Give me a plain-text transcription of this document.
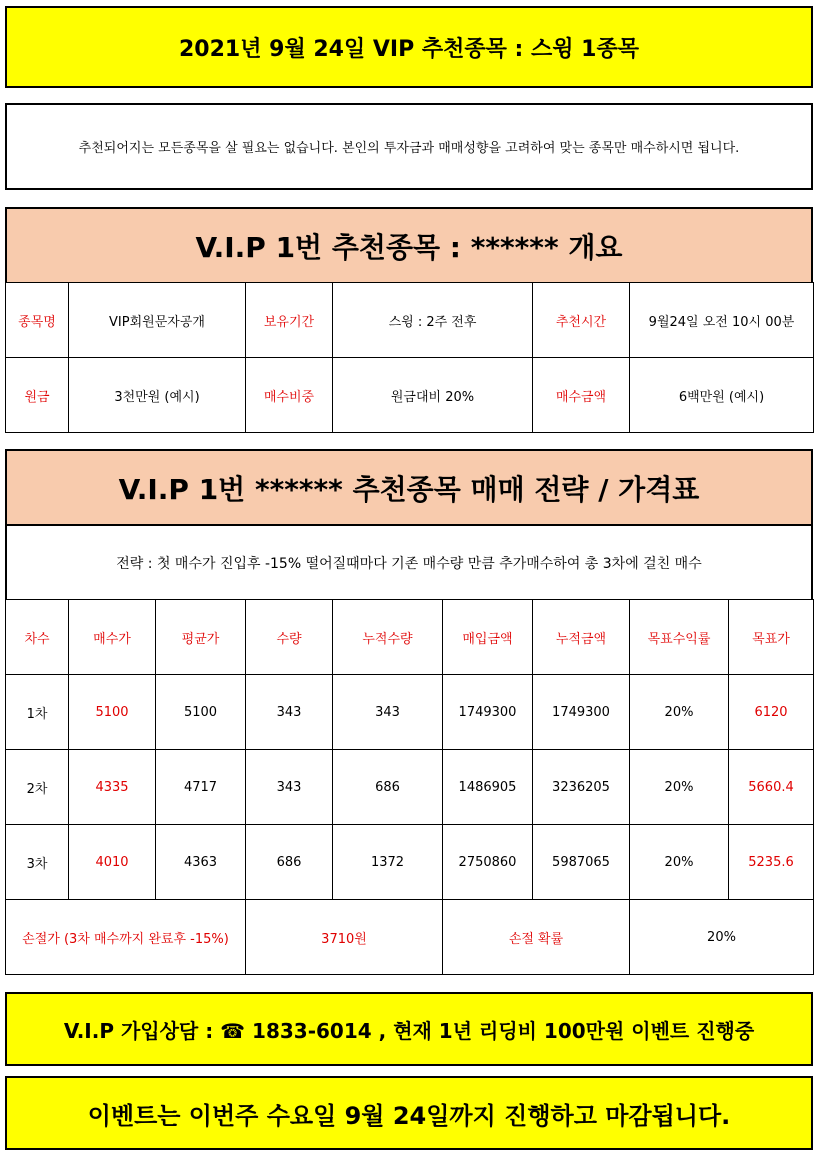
2021년 9월 24일 VIP 추천종목 : 스윙 1종목
추천되어지는 모든종목을 살 필요는 없습니다. 본인의 투자금과 매매성향을 고려하여 맞는 종목만 매수하시면 됩니다.
V.I.P 1번 추천종목 : ****** 개요
종목명	VIP회원문자공개	보유기간	스윙 : 2주 전후	추천시간	9월24일 오전 10시 00분
원금	3천만원 (예시)	매수비중	원금대비 20%	매수금액	6백만원 (예시)
V.I.P 1번 ****** 추천종목 매매 전략 / 가격표
전략 : 첫 매수가 진입후 -15% 떨어질때마다 기존 매수량 만큼 추가매수하여 총 3차에 걸친 매수
차수	매수가	평균가	수량	누적수량	매입금액	누적금액	목표수익률	목표가
1차	5100	5100	343	343	1749300	1749300	20%	6120
2차	4335	4717	343	686	1486905	3236205	20%	5660.4
3차	4010	4363	686	1372	2750860	5987065	20%	5235.6
손절가 (3차 매수까지 완료후 -15%)			3710원		손절 확률		20%	
V.I.P 가입상담 : ☎ 1833-6014 , 현재 1년 리딩비 100만원 이벤트 진행중
이벤트는 이번주 수요일 9월 24일까지 진행하고 마감됩니다.
